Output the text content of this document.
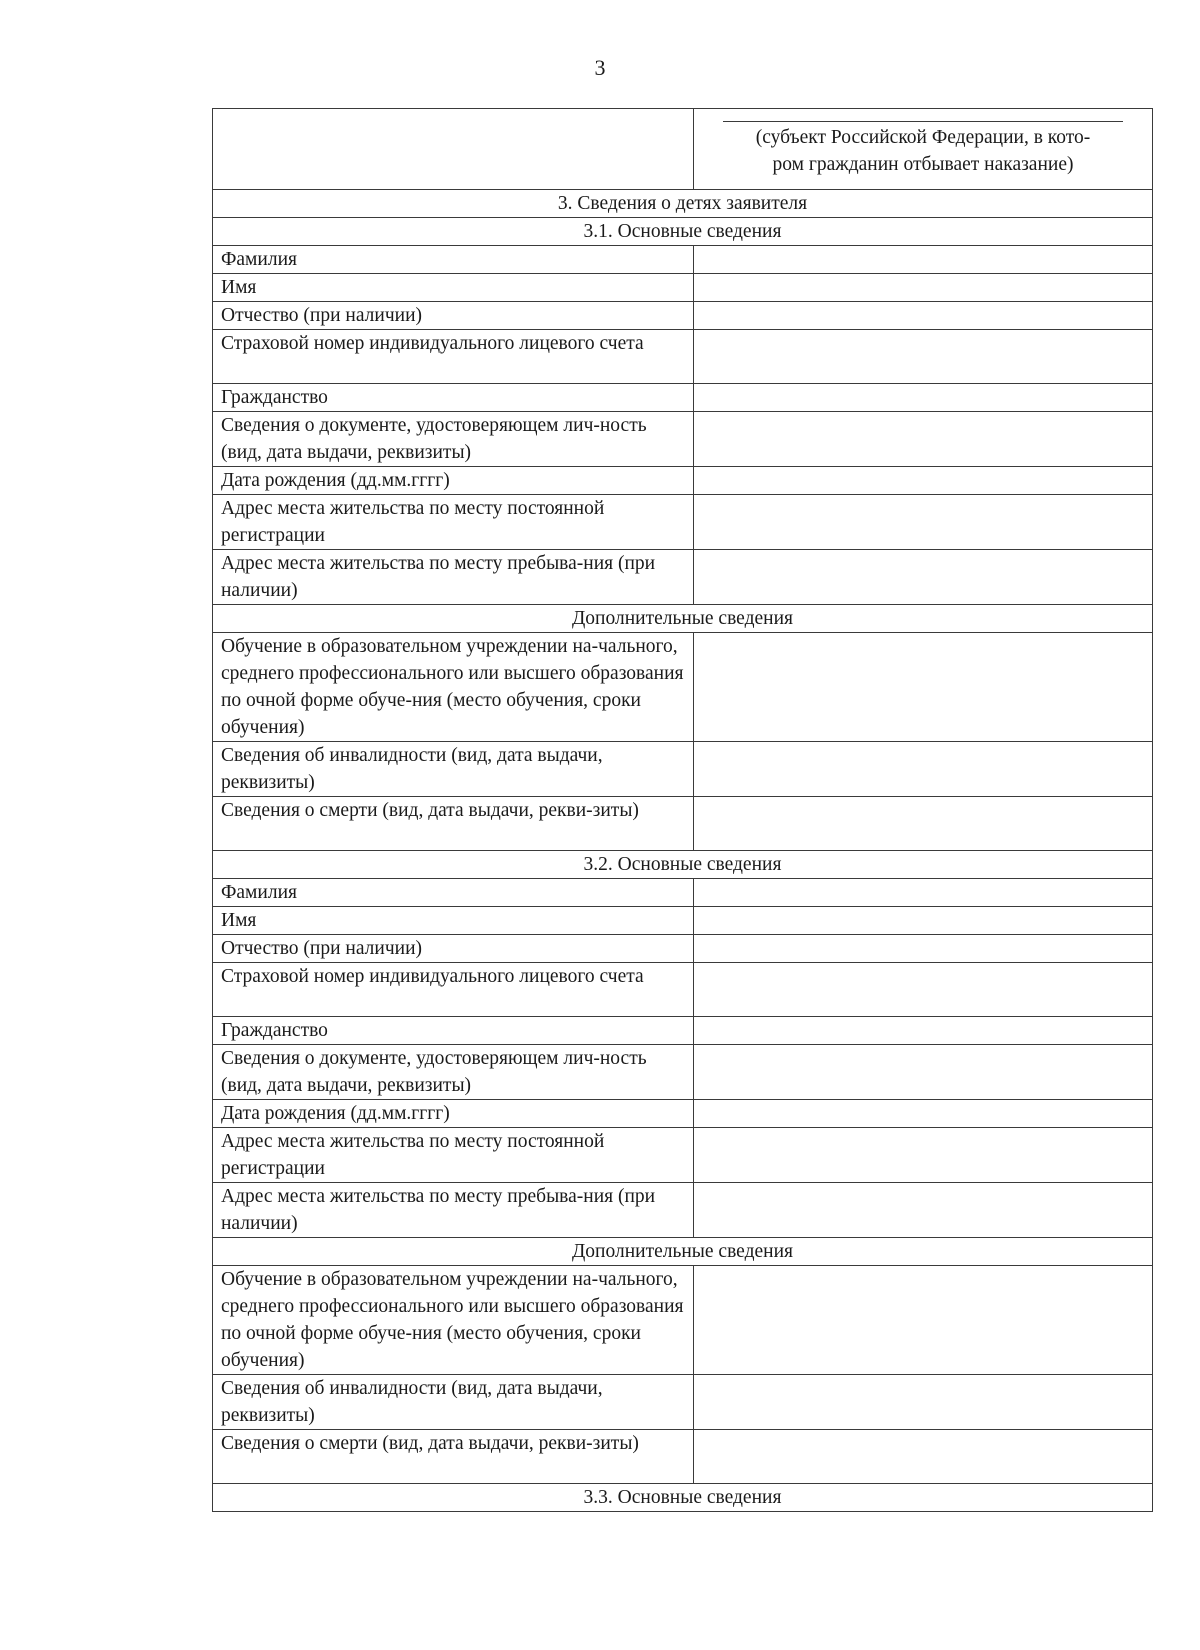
3

	(субъект Российской Федерации, в кото-
ром гражданин отбывает наказание)

3. Сведения о детях заявителя	
3.1. Основные сведения	
Фамилия	
Имя	
Отчество (при наличии)	
Страховой номер индивидуального лицевого счета	
Гражданство	
Сведения о документе, удостоверяющем лич-ность (вид, дата выдачи, реквизиты)	
Дата рождения (дд.мм.гггг)	
Адрес места жительства по месту постоянной регистрации	
Адрес места жительства по месту пребыва-ния (при наличии)	
Дополнительные сведения	
Обучение в образовательном учреждении на-чального, среднего профессионального или высшего образования по очной форме обуче-ния (место обучения, сроки обучения)	
Сведения об инвалидности (вид, дата выдачи, реквизиты)	
Сведения о смерти (вид, дата выдачи, рекви-зиты)	
3.2. Основные сведения	
Фамилия	
Имя	
Отчество (при наличии)	
Страховой номер индивидуального лицевого счета	
Гражданство	
Сведения о документе, удостоверяющем лич-ность (вид, дата выдачи, реквизиты)	
Дата рождения (дд.мм.гггг)	
Адрес места жительства по месту постоянной регистрации	
Адрес места жительства по месту пребыва-ния (при наличии)	
Дополнительные сведения	
Обучение в образовательном учреждении на-чального, среднего профессионального или высшего образования по очной форме обуче-ния (место обучения, сроки обучения)	
Сведения об инвалидности (вид, дата выдачи, реквизиты)	
Сведения о смерти (вид, дата выдачи, рекви-зиты)	
3.3. Основные сведения	
